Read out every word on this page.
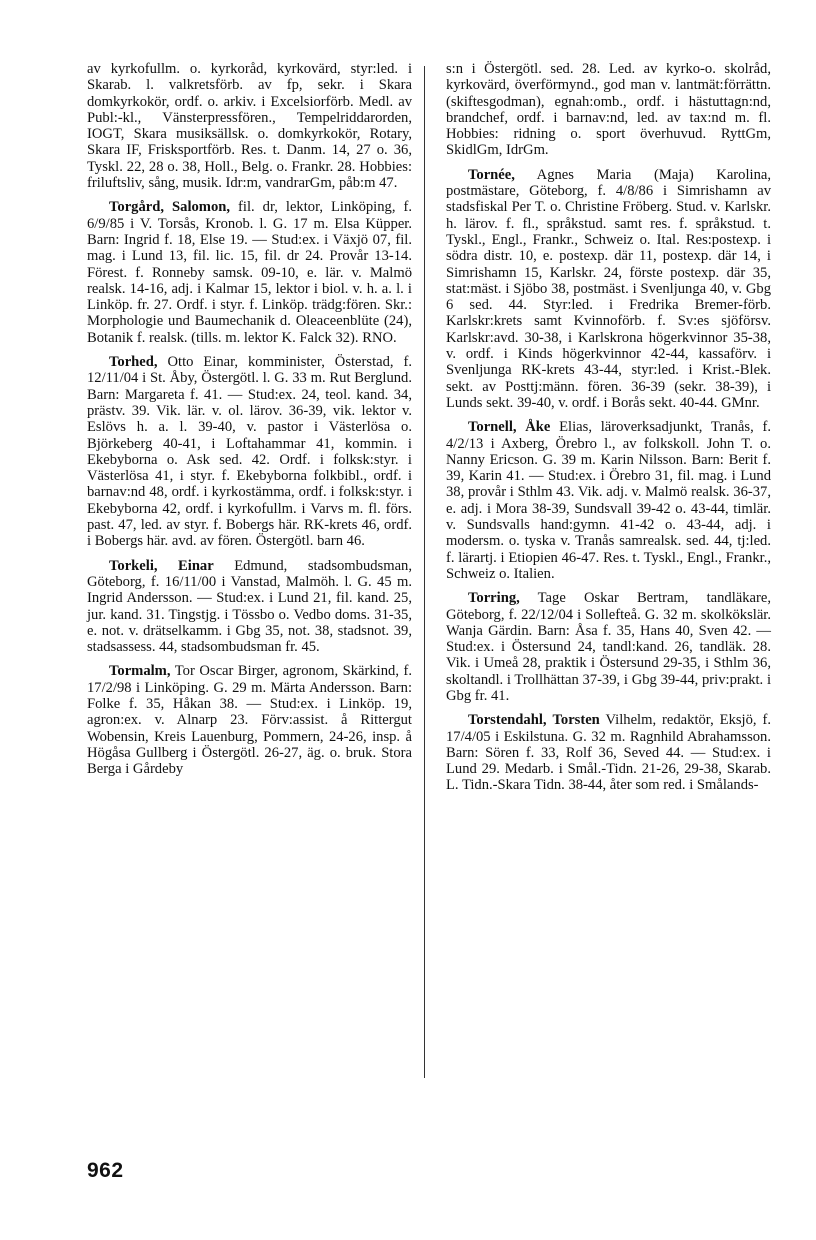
av kyrkofullm. o. kyrkoråd, kyrkovärd, styr:led. i Skarab. l. valkretsförb. av fp, sekr. i Skara domkyrkokör, ordf. o. arkiv. i Excelsiorförb. Medl. av Publ:-kl., Vänsterpressfören., Tempelriddarorden, IOGT, Skara musiksällsk. o. domkyrkokör, Rotary, Skara IF, Frisksportförb. Res. t. Danm. 14, 27 o. 36, Tyskl. 22, 28 o. 38, Holl., Belg. o. Frankr. 28. Hobbies: friluftsliv, sång, musik. Idr:m, vandrarGm, påb:m 47.

Torgård, Salomon, fil. dr, lektor, Linköping, f. 6/9/85 i V. Torsås, Kronob. l. G. 17 m. Elsa Küpper. Barn: Ingrid f. 18, Else 19. — Stud:ex. i Växjö 07, fil. mag. i Lund 13, fil. lic. 15, fil. dr 24. Provår 13-14. Förest. f. Ronneby samsk. 09-10, e. lär. v. Malmö realsk. 14-16, adj. i Kalmar 15, lektor i biol. v. h. a. l. i Linköp. fr. 27. Ordf. i styr. f. Linköp. trädg:fören. Skr.: Morphologie und Baumechanik d. Oleaceenblüte (24), Botanik f. realsk. (tills. m. lektor K. Falck 32). RNO.

Torhed, Otto Einar, komminister, Österstad, f. 12/11/04 i St. Åby, Östergötl. l. G. 33 m. Rut Berglund. Barn: Margareta f. 41. — Stud:ex. 24, teol. kand. 34, prästv. 39. Vik. lär. v. ol. lärov. 36-39, vik. lektor v. Eslövs h. a. l. 39-40, v. pastor i Västerlösa o. Björkeberg 40-41, i Loftahammar 41, kommin. i Ekebyborna o. Ask sed. 42. Ordf. i folksk:styr. i Västerlösa 41, i styr. f. Ekebyborna folkbibl., ordf. i barnav:nd 48, ordf. i kyrkostämma, ordf. i folksk:styr. i Ekebyborna 42, ordf. i kyrkofullm. i Varvs m. fl. förs. past. 47, led. av styr. f. Bobergs här. RK-krets 46, ordf. i Bobergs här. avd. av fören. Östergötl. barn 46.

Torkeli, Einar Edmund, stadsombudsman, Göteborg, f. 16/11/00 i Vanstad, Malmöh. l. G. 45 m. Ingrid Andersson. — Stud:ex. i Lund 21, fil. kand. 25, jur. kand. 31. Tingstjg. i Tössbo o. Vedbo doms. 31-35, e. not. v. drätselkamm. i Gbg 35, not. 38, stadsnot. 39, stadsassess. 44, stadsombudsman fr. 45.

Tormalm, Tor Oscar Birger, agronom, Skärkind, f. 17/2/98 i Linköping. G. 29 m. Märta Andersson. Barn: Folke f. 35, Håkan 38. — Stud:ex. i Linköp. 19, agron:ex. v. Alnarp 23. Förv:assist. å Rittergut Wobensin, Kreis Lauenburg, Pommern, 24-26, insp. å Högåsa Gullberg i Östergötl. 26-27, äg. o. bruk. Stora Berga i Gårdeby

s:n i Östergötl. sed. 28. Led. av kyrko-o. skolråd, kyrkovärd, överförmynd., god man v. lantmät:förrättn. (skiftesgodman), egnah:omb., ordf. i hästuttagn:nd, brandchef, ordf. i barnav:nd, led. av tax:nd m. fl. Hobbies: ridning o. sport överhuvud. RyttGm, SkidlGm, IdrGm.

Tornée, Agnes Maria (Maja) Karolina, postmästare, Göteborg, f. 4/8/86 i Simrishamn av stadsfiskal Per T. o. Christine Fröberg. Stud. v. Karlskr. h. lärov. f. fl., språkstud. samt res. f. språkstud. t. Tyskl., Engl., Frankr., Schweiz o. Ital. Res:postexp. i södra distr. 10, e. postexp. där 11, postexp. där 14, i Simrishamn 15, Karlskr. 24, förste postexp. där 35, stat:mäst. i Sjöbo 38, postmäst. i Svenljunga 40, v. Gbg 6 sed. 44. Styr:led. i Fredrika Bremer-förb. Karlskr:krets samt Kvinnoförb. f. Sv:es sjöförsv. Karlskr:avd. 30-38, i Karlskrona högerkvinnor 35-38, v. ordf. i Kinds högerkvinnor 42-44, kassaförv. i Svenljunga RK-krets 43-44, styr:led. i Krist.-Blek. sekt. av Posttj:männ. fören. 36-39 (sekr. 38-39), i Lunds sekt. 39-40, v. ordf. i Borås sekt. 40-44. GMnr.

Tornell, Åke Elias, läroverksadjunkt, Tranås, f. 4/2/13 i Axberg, Örebro l., av folkskoll. John T. o. Nanny Ericson. G. 39 m. Karin Nilsson. Barn: Berit f. 39, Karin 41. — Stud:ex. i Örebro 31, fil. mag. i Lund 38, provår i Sthlm 43. Vik. adj. v. Malmö realsk. 36-37, e. adj. i Mora 38-39, Sundsvall 39-42 o. 43-44, timlär. v. Sundsvalls hand:gymn. 41-42 o. 43-44, adj. i modersm. o. tyska v. Tranås samrealsk. sed. 44, tj:led. f. lärartj. i Etiopien 46-47. Res. t. Tyskl., Engl., Frankr., Schweiz o. Italien.

Torring, Tage Oskar Bertram, tandläkare, Göteborg, f. 22/12/04 i Sollefteå. G. 32 m. skolkökslär. Wanja Gärdin. Barn: Åsa f. 35, Hans 40, Sven 42. — Stud:ex. i Östersund 24, tandl:kand. 26, tandläk. 28. Vik. i Umeå 28, praktik i Östersund 29-35, i Sthlm 36, skoltandl. i Trollhättan 37-39, i Gbg 39-44, priv:prakt. i Gbg fr. 41.

Torstendahl, Torsten Vilhelm, redaktör, Eksjö, f. 17/4/05 i Eskilstuna. G. 32 m. Ragnhild Abrahamsson. Barn: Sören f. 33, Rolf 36, Seved 44. — Stud:ex. i Lund 29. Medarb. i Smål.-Tidn. 21-26, 29-38, Skarab. L. Tidn.-Skara Tidn. 38-44, åter som red. i Smålands-

962
